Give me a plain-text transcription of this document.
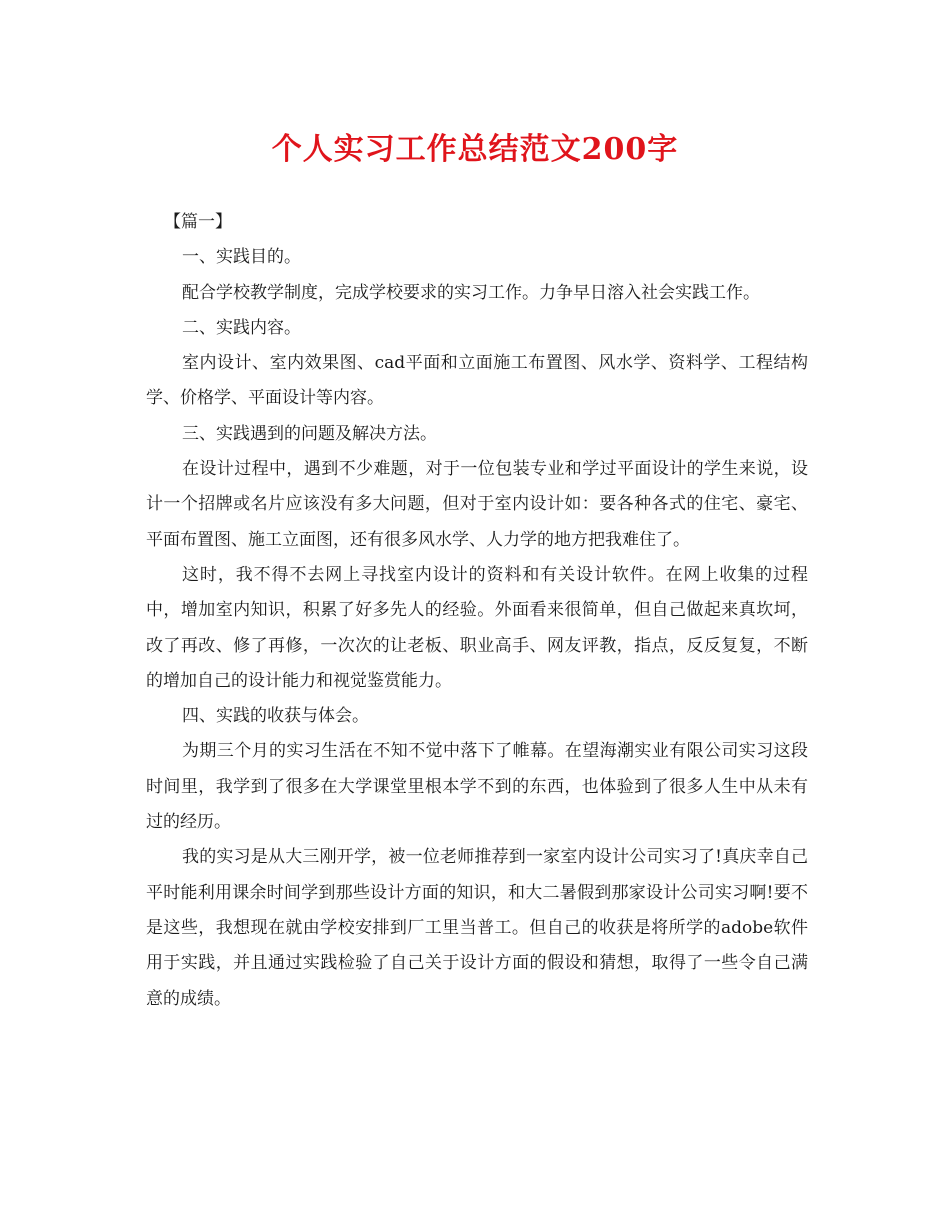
个人实习工作总结范文200字

【篇一】

一、实践目的。

配合学校教学制度，完成学校要求的实习工作。力争早日溶入社会实践工作。

二、实践内容。

室内设计、室内效果图、cad平面和立面施工布置图、风水学、资料学、工程结构学、价格学、平面设计等内容。

三、实践遇到的问题及解决方法。

在设计过程中，遇到不少难题，对于一位包装专业和学过平面设计的学生来说，设计一个招牌或名片应该没有多大问题，但对于室内设计如：要各种各式的住宅、豪宅、平面布置图、施工立面图，还有很多风水学、人力学的地方把我难住了。

这时，我不得不去网上寻找室内设计的资料和有关设计软件。在网上收集的过程中，增加室内知识，积累了好多先人的经验。外面看来很简单，但自己做起来真坎坷，改了再改、修了再修，一次次的让老板、职业高手、网友评教，指点，反反复复，不断的增加自己的设计能力和视觉鉴赏能力。

四、实践的收获与体会。

为期三个月的实习生活在不知不觉中落下了帷幕。在望海潮实业有限公司实习这段时间里，我学到了很多在大学课堂里根本学不到的东西，也体验到了很多人生中从未有过的经历。

我的实习是从大三刚开学，被一位老师推荐到一家室内设计公司实习了!真庆幸自己平时能利用课余时间学到那些设计方面的知识，和大二暑假到那家设计公司实习啊!要不是这些，我想现在就由学校安排到厂工里当普工。但自己的收获是将所学的adobe软件用于实践，并且通过实践检验了自己关于设计方面的假设和猜想，取得了一些令自己满意的成绩。
